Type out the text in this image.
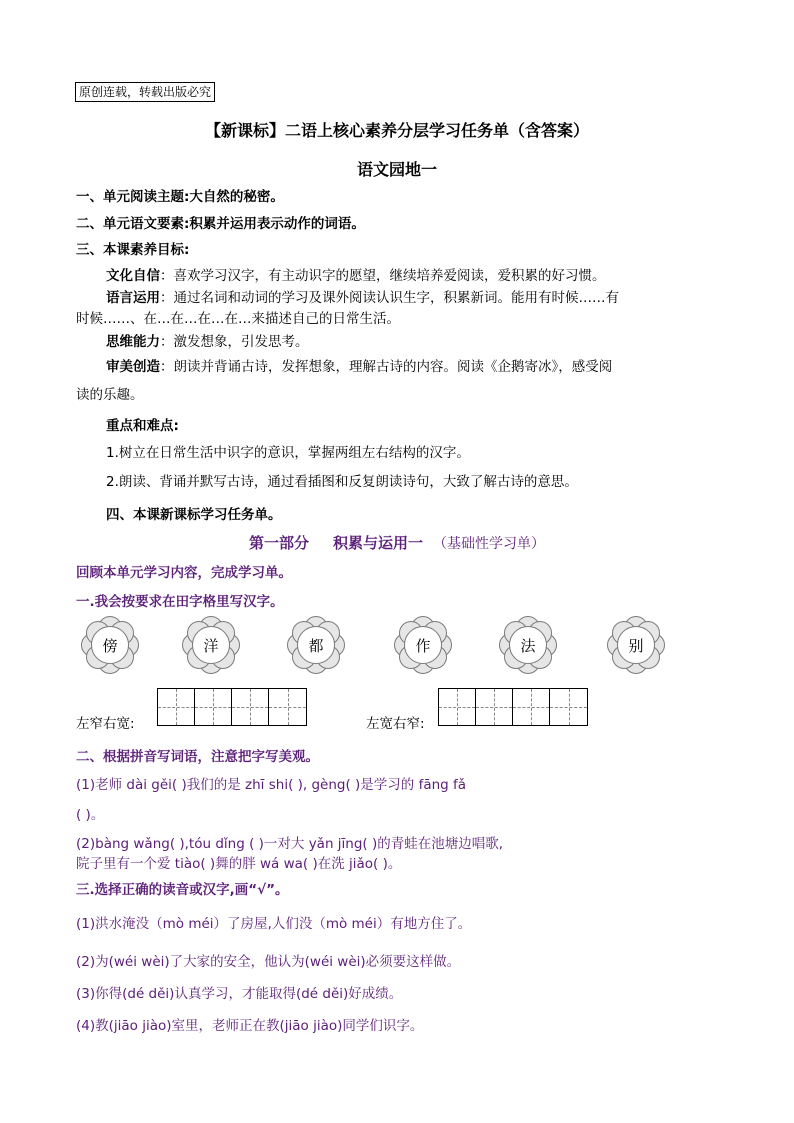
原创连载，转载出版必究
【新课标】二语上核心素养分层学习任务单（含答案）
语文园地一
一、单元阅读主题:大自然的秘密。
二、单元语文要素:积累并运用表示动作的词语。
三、本课素养目标:
文化自信：喜欢学习汉字，有主动识字的愿望，继续培养爱阅读，爱积累的好习惯。
语言运用：通过名词和动词的学习及课外阅读认识生字，积累新词。能用有时候……有
时候……、在…在…在…在…来描述自己的日常生活。
思维能力：激发想象，引发思考。
审美创造：朗读并背诵古诗，发挥想象，理解古诗的内容。阅读《企鹅寄冰》，感受阅
读的乐趣。
重点和难点:
1.树立在日常生活中识字的意识，掌握两组左右结构的汉字。
2.朗读、背诵并默写古诗，通过看插图和反复朗读诗句，大致了解古诗的意思。
四、本课新课标学习任务单。
第一部分 积累与运用一 （基础性学习单）
回顾本单元学习内容，完成学习单。
一.我会按要求在田字格里写汉字。
傍	洋	都	作	法	别
左窄右宽:	左宽右窄:
二、根据拼音写词语，注意把字写美观。
(1)老师 dài gěi( )我们的是 zhī shi( ), gèng( )是学习的 fāng fǎ
( )。
(2)bàng wǎng( ),tóu dǐng ( )一对大 yǎn jīng( )的青蛙在池塘边唱歌,
院子里有一个爱 tiào( )舞的胖 wá wa( )在洗 jiǎo( )。
三.选择正确的读音或汉字,画“√”。
(1)洪水淹没（mò méi）了房屋,人们没（mò méi）有地方住了。
(2)为(wéi wèi)了大家的安全，他认为(wéi wèi)必须要这样做。
(3)你得(dé děi)认真学习，才能取得(dé děi)好成绩。
(4)教(jiāo jiào)室里，老师正在教(jiāo jiào)同学们识字。
